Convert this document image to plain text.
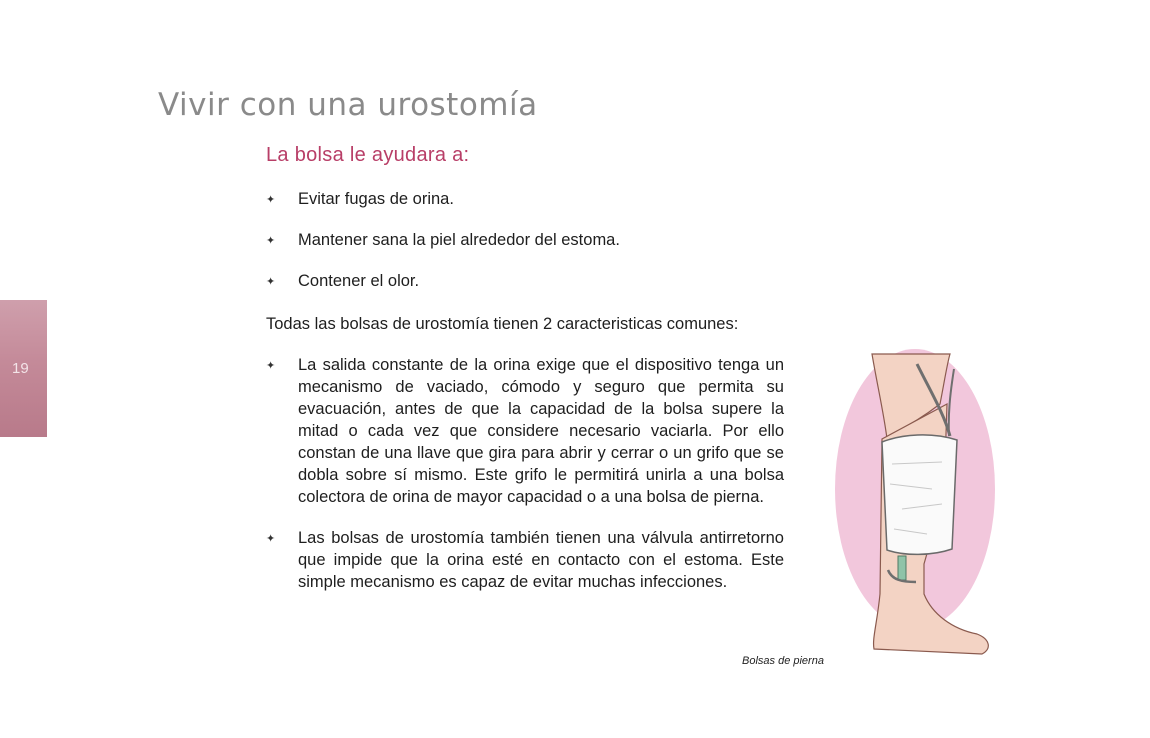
Vivir con una urostomía
19
La bolsa le ayudara a:
✦ Evitar fugas de orina.
✦ Mantener sana la piel alrededor del estoma.
✦ Contener el olor.
Todas las bolsas de urostomía tienen 2 caracteristicas comunes:
✦ La salida constante de la orina exige que el dispositivo tenga un mecanismo de vaciado, cómodo y seguro que permita su evacuación, antes de que la capacidad de la bolsa supere la mitad o cada vez que considere necesario vaciarla. Por ello constan de una llave que gira para abrir y cerrar o un grifo que se dobla sobre sí mismo. Este grifo le permitirá unirla a una bolsa colectora de orina de mayor capacidad o a una bolsa de pierna.
✦ Las bolsas de urostomía también tienen una válvula antirretorno que impide que la orina esté en contacto con el estoma. Este simple mecanismo es capaz de evitar muchas infecciones.
Bolsas de pierna
